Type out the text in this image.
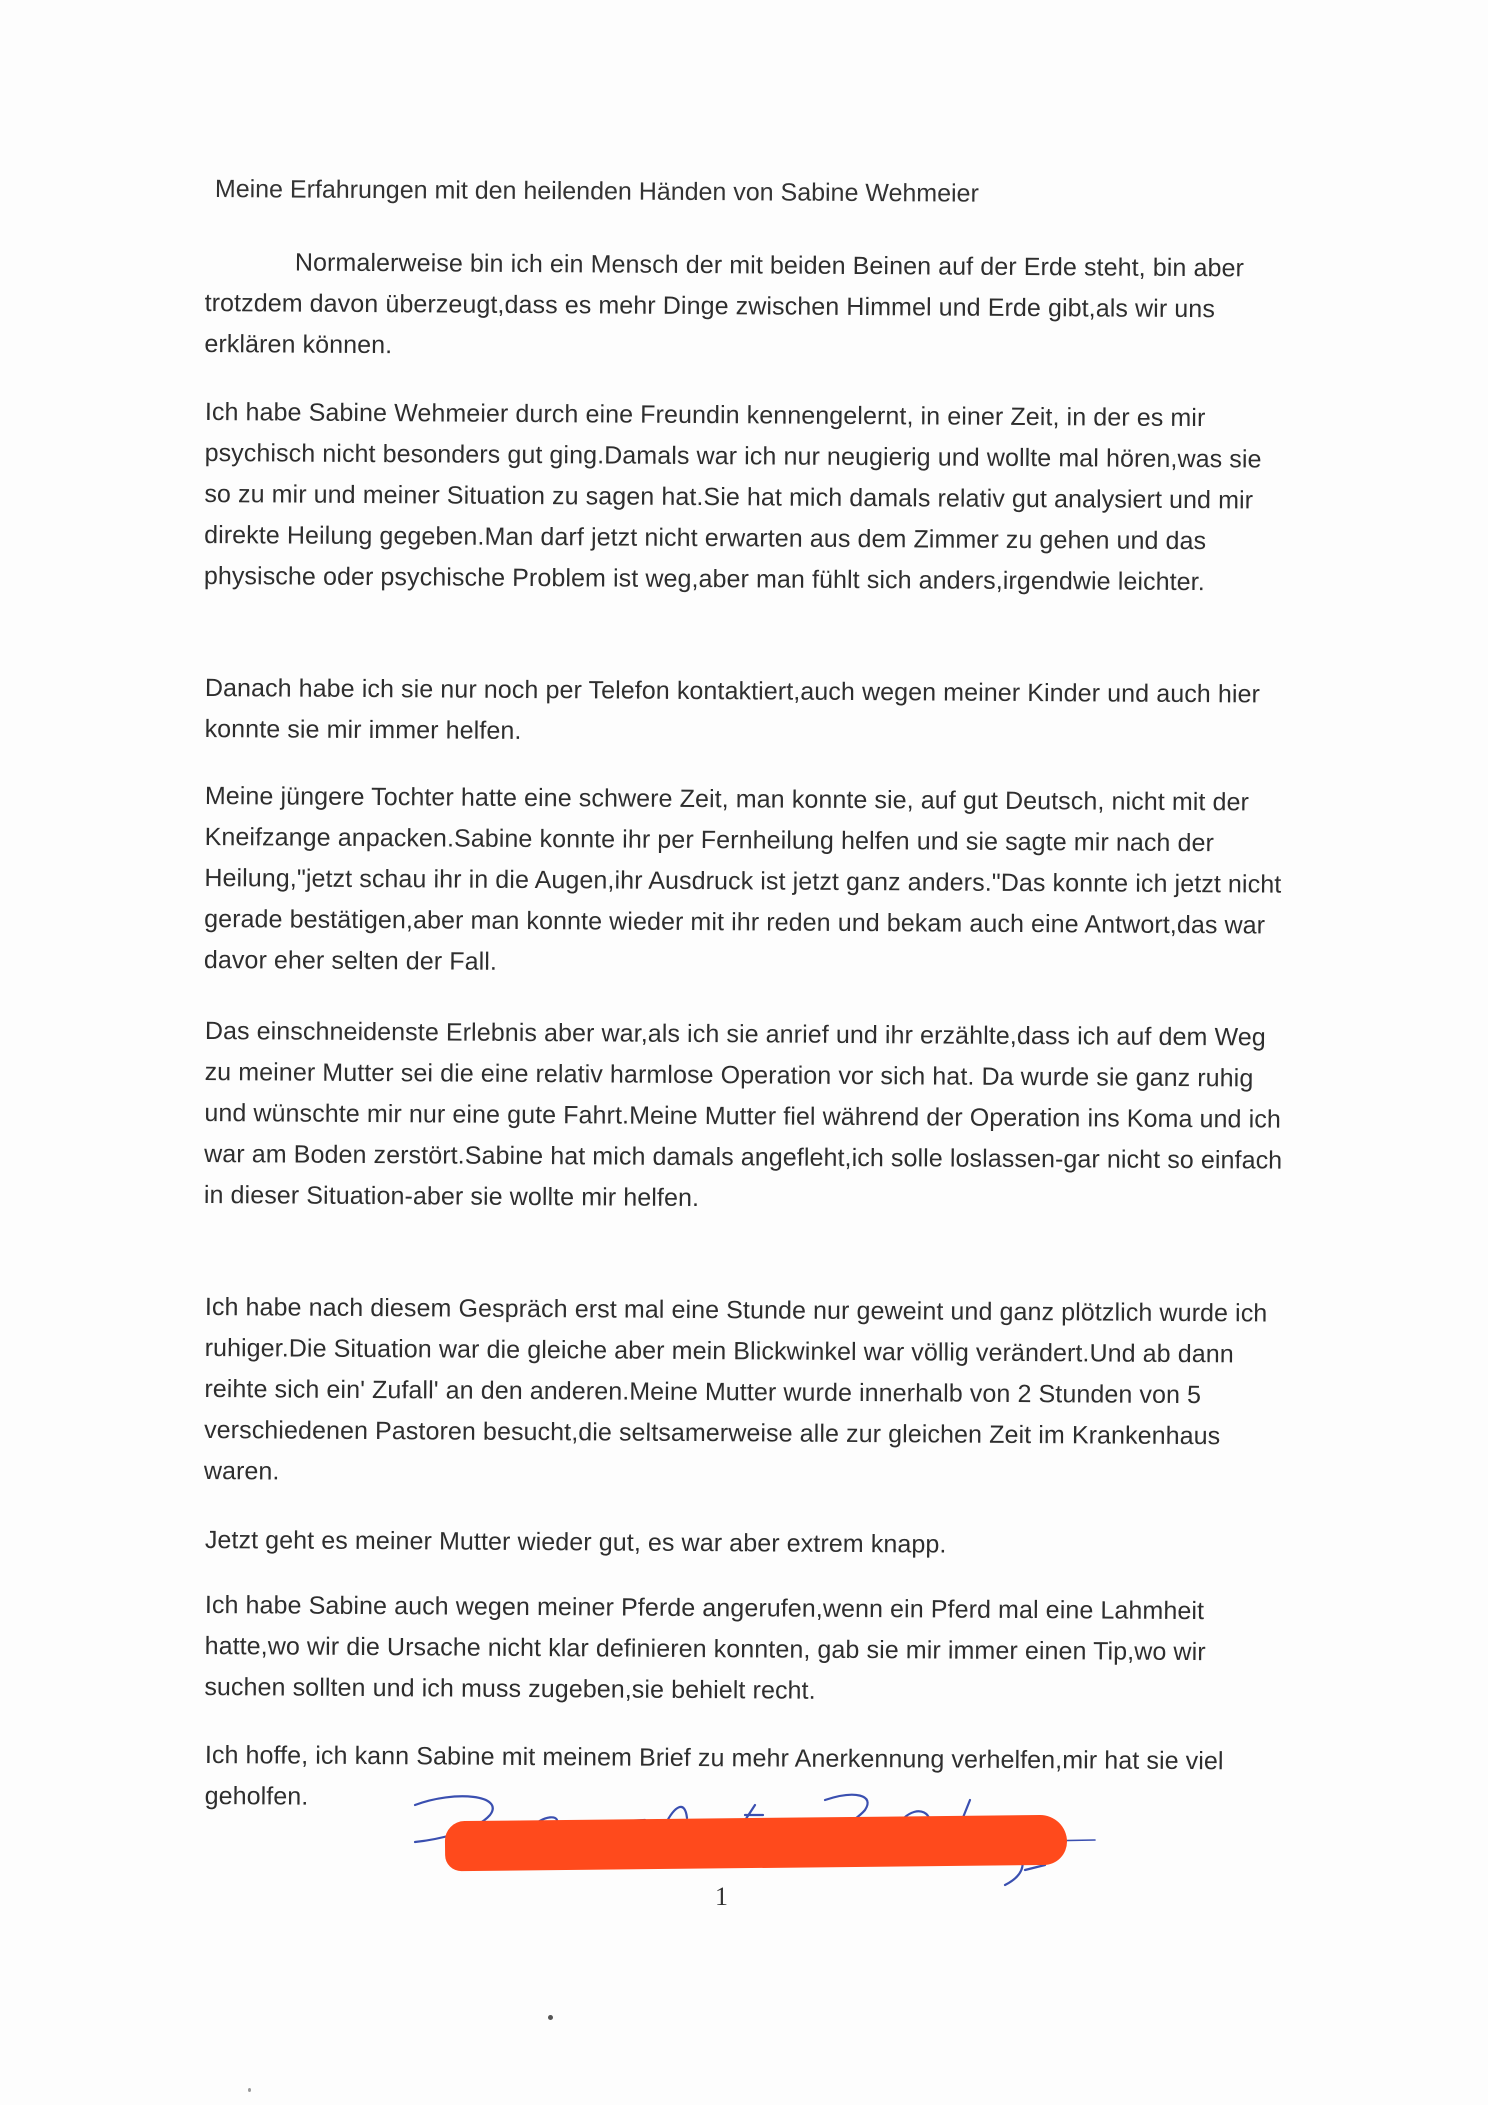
Meine Erfahrungen mit den heilenden Händen von Sabine Wehmeier

Normalerweise bin ich ein Mensch der mit beiden Beinen auf der Erde steht, bin aber trotzdem davon überzeugt,dass es mehr Dinge zwischen Himmel und Erde gibt,als wir uns erklären können.

Ich habe Sabine Wehmeier durch eine Freundin kennengelernt, in einer Zeit, in der es mir psychisch nicht besonders gut ging.Damals war ich nur neugierig und wollte mal hören,was sie so zu mir und meiner Situation zu sagen hat.Sie hat mich damals relativ gut analysiert und mir direkte Heilung gegeben.Man darf jetzt nicht erwarten aus dem Zimmer zu gehen und das physische oder psychische Problem ist weg,aber man fühlt sich anders,irgendwie leichter.

Danach habe ich sie nur noch per Telefon kontaktiert,auch wegen meiner Kinder und auch hier konnte sie mir immer helfen.

Meine jüngere Tochter hatte eine schwere Zeit, man konnte sie, auf gut Deutsch, nicht mit der Kneifzange anpacken.Sabine konnte ihr per Fernheilung helfen und sie sagte mir nach der Heilung,"jetzt schau ihr in die Augen,ihr Ausdruck ist jetzt ganz anders."Das konnte ich jetzt nicht gerade bestätigen,aber man konnte wieder mit ihr reden und bekam auch eine Antwort,das war davor eher selten der Fall.

Das einschneidenste Erlebnis aber war,als ich sie anrief und ihr erzählte,dass ich auf dem Weg zu meiner Mutter sei die eine relativ harmlose Operation vor sich hat. Da wurde sie ganz ruhig und wünschte mir nur eine gute Fahrt.Meine Mutter fiel während der Operation ins Koma und ich war am Boden zerstört.Sabine hat mich damals angefleht,ich solle loslassen-gar nicht so einfach in dieser Situation-aber sie wollte mir helfen.

Ich habe nach diesem Gespräch erst mal eine Stunde nur geweint und ganz plötzlich wurde ich ruhiger.Die Situation war die gleiche aber mein Blickwinkel war völlig verändert.Und ab dann reihte sich ein' Zufall' an den anderen.Meine Mutter wurde innerhalb von 2 Stunden von 5 verschiedenen Pastoren besucht,die seltsamerweise alle zur gleichen Zeit im Krankenhaus waren.

Jetzt geht es meiner Mutter wieder gut, es war aber extrem knapp.

Ich habe Sabine auch wegen meiner Pferde angerufen,wenn ein Pferd mal eine Lahmheit hatte,wo wir die Ursache nicht klar definieren konnten, gab sie mir immer einen Tip,wo wir suchen sollten und ich muss zugeben,sie behielt recht.

Ich hoffe, ich kann Sabine mit meinem Brief zu mehr Anerkennung verhelfen,mir hat sie viel geholfen.

1
